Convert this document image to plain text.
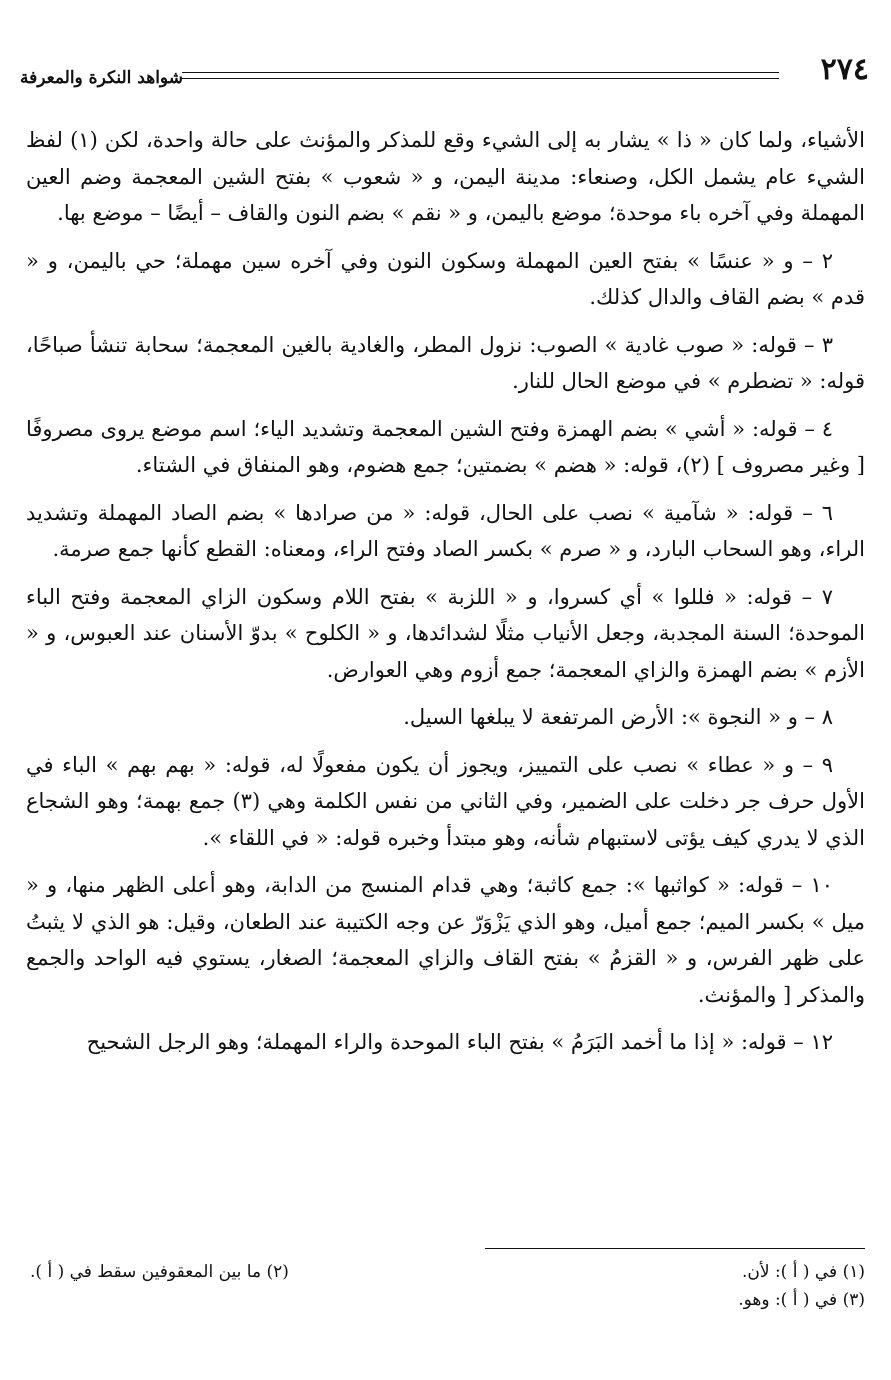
٢٧٤
شواهد النكرة والمعرفة

الأشياء، ولما كان « ذا » يشار به إلى الشيء وقع للمذكر والمؤنث على حالة واحدة، لكن (١) لفظ الشيء عام يشمل الكل، وصنعاء: مدينة اليمن، و « شعوب » بفتح الشين المعجمة وضم العين المهملة وفي آخره باء موحدة؛ موضع باليمن، و « نقم » بضم النون والقاف – أيضًا – موضع بها.

٢ – و « عنسًا » بفتح العين المهملة وسكون النون وفي آخره سين مهملة؛ حي باليمن، و « قدم » بضم القاف والدال كذلك.

٣ – قوله: « صوب غادية » الصوب: نزول المطر، والغادية بالغين المعجمة؛ سحابة تنشأ صباحًا، قوله: « تضطرم » في موضع الحال للنار.

٤ – قوله: « أشي » بضم الهمزة وفتح الشين المعجمة وتشديد الياء؛ اسم موضع يروى مصروفًا [ وغير مصروف ] (٢)، قوله: « هضم » بضمتين؛ جمع هضوم، وهو المنفاق في الشتاء.

٦ – قوله: « شآمية » نصب على الحال، قوله: « من صرادها » بضم الصاد المهملة وتشديد الراء، وهو السحاب البارد، و « صرم » بكسر الصاد وفتح الراء، ومعناه: القطع كأنها جمع صرمة.

٧ – قوله: « فللوا » أي كسروا، و « اللزبة » بفتح اللام وسكون الزاي المعجمة وفتح الباء الموحدة؛ السنة المجدبة، وجعل الأنياب مثلًا لشدائدها، و « الكلوح » بدوّ الأسنان عند العبوس، و « الأزم » بضم الهمزة والزاي المعجمة؛ جمع أزوم وهي العوارض.

٨ – و « النجوة »: الأرض المرتفعة لا يبلغها السيل.

٩ – و « عطاء » نصب على التمييز، ويجوز أن يكون مفعولًا له، قوله: « بهم بهم » الباء في الأول حرف جر دخلت على الضمير، وفي الثاني من نفس الكلمة وهي (٣) جمع بهمة؛ وهو الشجاع الذي لا يدري كيف يؤتى لاستبهام شأنه، وهو مبتدأ وخبره قوله: « في اللقاء ».

١٠ – قوله: « كواثبها »: جمع كاثبة؛ وهي قدام المنسج من الدابة، وهو أعلى الظهر منها، و « ميل » بكسر الميم؛ جمع أميل، وهو الذي يَزْوَرّ عن وجه الكتيبة عند الطعان، وقيل: هو الذي لا يثبتُ على ظهر الفرس، و « القزمُ » بفتح القاف والزاي المعجمة؛ الصغار، يستوي فيه الواحد والجمع والمذكر [ والمؤنث.

١٢ – قوله: « إذا ما أخمد البَرَمُ » بفتح الباء الموحدة والراء المهملة؛ وهو الرجل الشحيح

(١) في ( أ ): لأن.
(٢) ما بين المعقوفين سقط في ( أ ).
(٣) في ( أ ): وهو.
